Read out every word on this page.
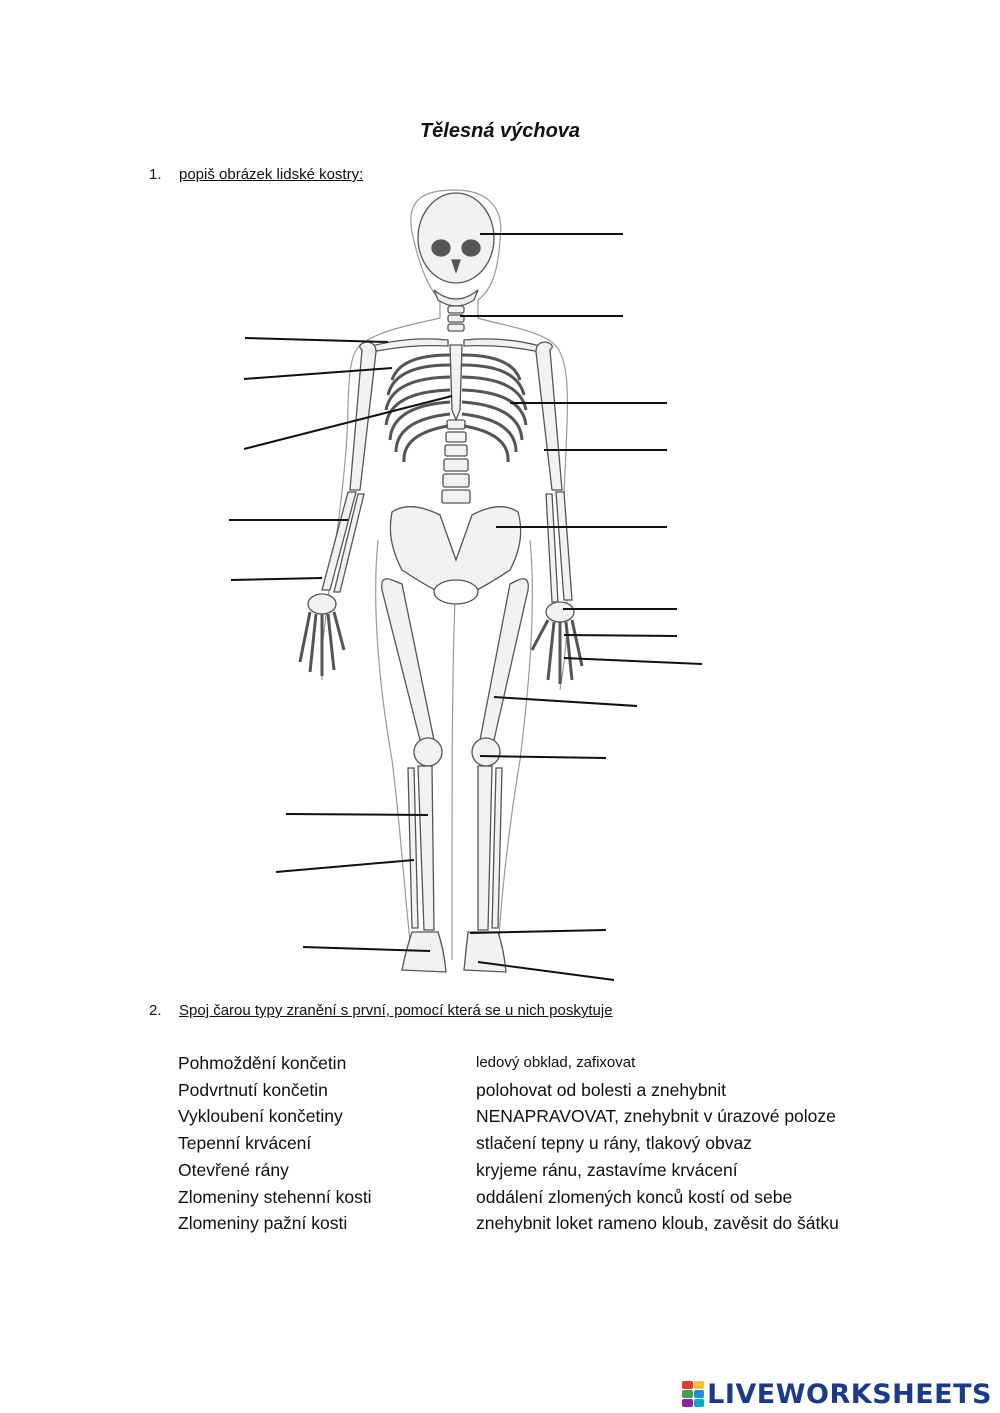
Tělesná výchova
1. popiš obrázek lidské kostry:
2. Spoj čarou typy zranění s první, pomocí která se u nich poskytuje
Pohmoždění končetin
Podvrtnutí končetin
Vykloubení končetiny
Tepenní krvácení
Otevřené rány
Zlomeniny stehenní kosti
Zlomeniny pažní kosti
ledový obklad, zafixovat
polohovat od bolesti a znehybnit
NENAPRAVOVAT, znehybnit v úrazové poloze
stlačení tepny u rány, tlakový obvaz
kryjeme ránu, zastavíme krvácení
oddálení zlomených konců kostí od sebe
znehybnit loket rameno kloub, zavěsit do šátku
LIVEWORKSHEETS
